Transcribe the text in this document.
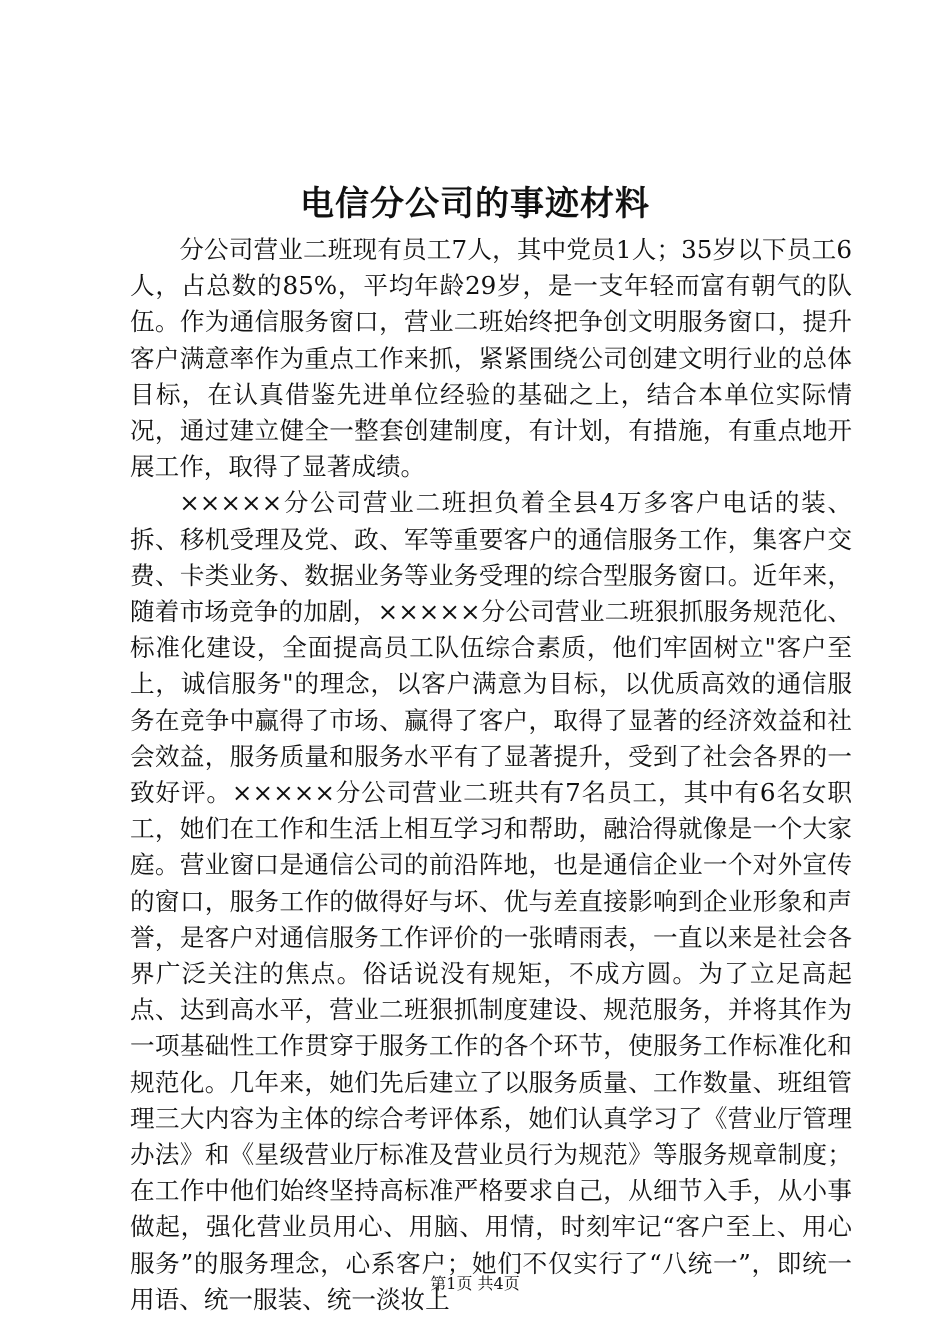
电信分公司的事迹材料

分公司营业二班现有员工7人，其中党员1人；35岁以下员工6人，占总数的85%，平均年龄29岁，是一支年轻而富有朝气的队伍。作为通信服务窗口，营业二班始终把争创文明服务窗口，提升客户满意率作为重点工作来抓，紧紧围绕公司创建文明行业的总体目标，在认真借鉴先进单位经验的基础之上，结合本单位实际情况，通过建立健全一整套创建制度，有计划，有措施，有重点地开展工作，取得了显著成绩。

×××××分公司营业二班担负着全县4万多客户电话的装、拆、移机受理及党、政、军等重要客户的通信服务工作，集客户交费、卡类业务、数据业务等业务受理的综合型服务窗口。近年来，随着市场竞争的加剧，×××××分公司营业二班狠抓服务规范化、标准化建设，全面提高员工队伍综合素质，他们牢固树立"客户至上，诚信服务"的理念，以客户满意为目标，以优质高效的通信服务在竞争中赢得了市场、赢得了客户，取得了显著的经济效益和社会效益，服务质量和服务水平有了显著提升，受到了社会各界的一致好评。×××××分公司营业二班共有7名员工，其中有6名女职工，她们在工作和生活上相互学习和帮助，融洽得就像是一个大家庭。营业窗口是通信公司的前沿阵地，也是通信企业一个对外宣传的窗口，服务工作的做得好与坏、优与差直接影响到企业形象和声誉，是客户对通信服务工作评价的一张晴雨表，一直以来是社会各界广泛关注的焦点。俗话说没有规矩，不成方圆。为了立足高起点、达到高水平，营业二班狠抓制度建设、规范服务，并将其作为一项基础性工作贯穿于服务工作的各个环节，使服务工作标准化和规范化。几年来，她们先后建立了以服务质量、工作数量、班组管理三大内容为主体的综合考评体系，她们认真学习了《营业厅管理办法》和《星级营业厅标准及营业员行为规范》等服务规章制度；在工作中他们始终坚持高标准严格要求自己，从细节入手，从小事做起，强化营业员用心、用脑、用情，时刻牢记“客户至上、用心服务”的服务理念，心系客户；她们不仅实行了“八统一”，即统一用语、统一服装、统一淡妆上

第1页 共4页
